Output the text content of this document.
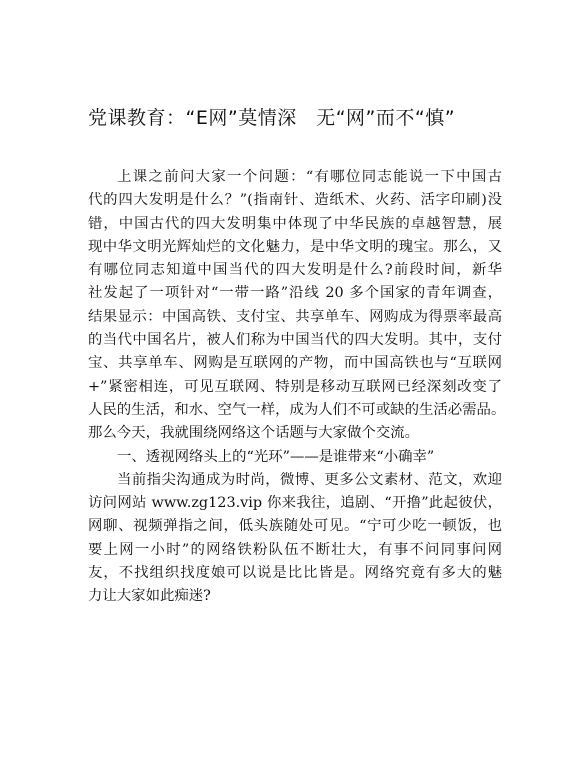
党课教育：“E网”莫情深　无“网”而不“慎”
上课之前问大家一个问题：“有哪位同志能说一下中国古
代的四大发明是什么？”(指南针、造纸术、火药、活字印刷)没
错，中国古代的四大发明集中体现了中华民族的卓越智慧，展
现中华文明光辉灿烂的文化魅力，是中华文明的瑰宝。那么，又
有哪位同志知道中国当代的四大发明是什么?前段时间，新华
社发起了一项针对“一带一路”沿线 20 多个国家的青年调查，
结果显示：中国高铁、支付宝、共享单车、网购成为得票率最高
的当代中国名片，被人们称为中国当代的四大发明。其中，支付
宝、共享单车、网购是互联网的产物，而中国高铁也与“互联网
+”紧密相连，可见互联网、特别是移动互联网已经深刻改变了
人民的生活，和水、空气一样，成为人们不可或缺的生活必需品。
那么今天，我就围绕网络这个话题与大家做个交流。
一、透视网络头上的“光环”——是谁带来“小确幸”
当前指尖沟通成为时尚，微博、更多公文素材、范文，欢迎
访问网站 www.zg123.vip 你来我往，追剧、“开撸”此起彼伏，
网聊、视频弹指之间，低头族随处可见。“宁可少吃一顿饭，也
要上网一小时”的网络铁粉队伍不断壮大，有事不问同事问网
友，不找组织找度娘可以说是比比皆是。网络究竟有多大的魅
力让大家如此痴迷?
